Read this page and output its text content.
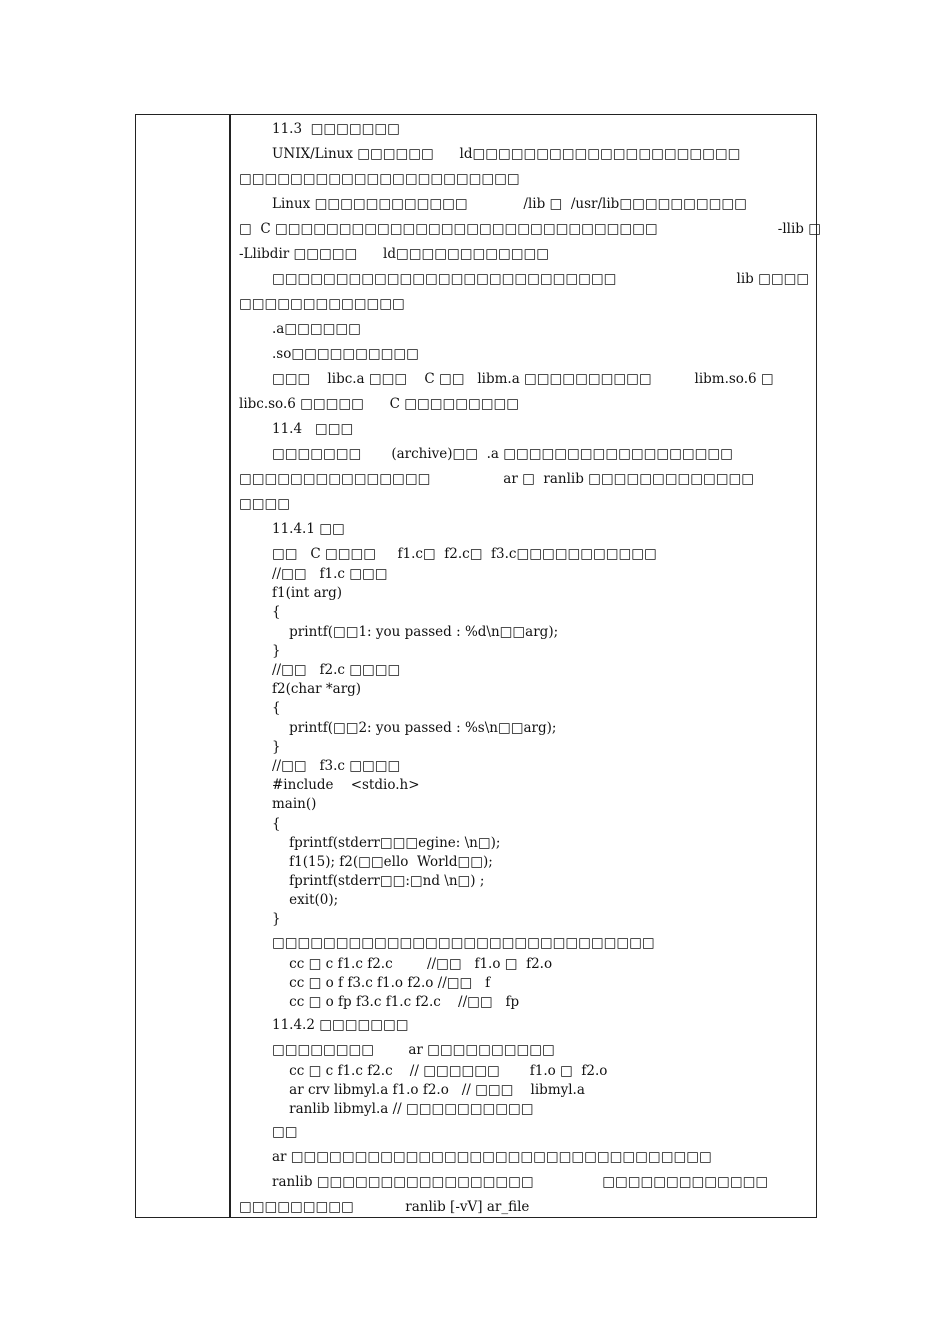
11.3  □□□□□□□
UNIX/Linux □□□□□□      ld□□□□□□□□□□□□□□□□□□□□□
□□□□□□□□□□□□□□□□□□□□□□
Linux □□□□□□□□□□□□             /lib □  /usr/lib□□□□□□□□□□
□  C □□□□□□□□□□□□□□□□□□□□□□□□□□□□□□                            -llib □
-Llibdir □□□□□      ld□□□□□□□□□□□□
□□□□□□□□□□□□□□□□□□□□□□□□□□□                            lib □□□□
□□□□□□□□□□□□□
.a□□□□□□
.so□□□□□□□□□□
□□□    libc.a □□□    C □□   libm.a □□□□□□□□□□          libm.so.6 □
libc.so.6 □□□□□      C □□□□□□□□□
11.4   □□□
□□□□□□□       (archive)□□  .a □□□□□□□□□□□□□□□□□□
□□□□□□□□□□□□□□□                 ar □  ranlib □□□□□□□□□□□□□
□□□□
11.4.1 □□
□□   C □□□□     f1.c□  f2.c□  f3.c□□□□□□□□□□□
//□□   f1.c □□□
f1(int arg)
{
printf(□□1: you passed : %d\n□□arg);
}
//□□   f2.c □□□□
f2(char *arg)
{
printf(□□2: you passed : %s\n□□arg);
}
//□□   f3.c □□□□
#include    <stdio.h>
main()
{
fprintf(stderr□□□egine: \n□);
f1(15); f2(□□ello  World□□);
fprintf(stderr□□:□nd \n□) ;
exit(0);
}
□□□□□□□□□□□□□□□□□□□□□□□□□□□□□□
cc □ c f1.c f2.c        //□□   f1.o □  f2.o
cc □ o f f3.c f1.o f2.o //□□   f
cc □ o fp f3.c f1.c f2.c    //□□   fp
11.4.2 □□□□□□□
□□□□□□□□        ar □□□□□□□□□□
cc □ c f1.c f2.c    // □□□□□□       f1.o □  f2.o
ar crv libmyl.a f1.o f2.o   // □□□    libmyl.a
ranlib libmyl.a // □□□□□□□□□□
□□
ar □□□□□□□□□□□□□□□□□□□□□□□□□□□□□□□□□
ranlib □□□□□□□□□□□□□□□□□                □□□□□□□□□□□□□
□□□□□□□□□            ranlib [-vV] ar_file
